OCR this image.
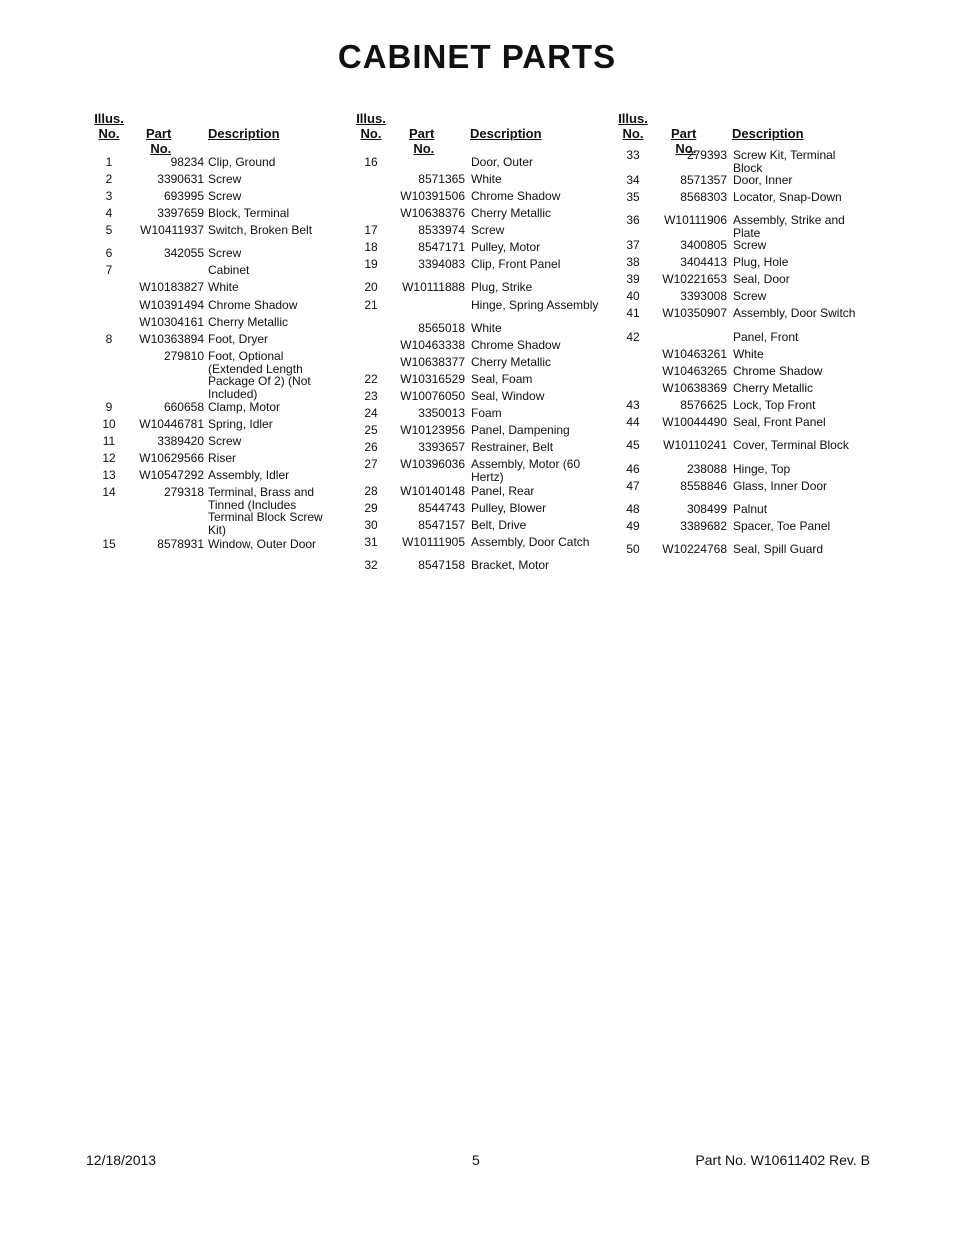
CABINET PARTS
Illus.
No.	Part No.
Description
1	98234 Clip, Ground
2	3390631 Screw
3	693995 Screw
4	3397659 Block, Terminal
5	W10411937 Switch, Broken Belt
6	342055 Screw
7	Cabinet
W10183827 White
W10391494 Chrome Shadow
W10304161 Cherry Metallic
8	W10363894 Foot, Dryer
279810 Foot, Optional (Extended Length Package Of 2) (Not Included)
9	660658 Clamp, Motor
10	W10446781 Spring, Idler
11	3389420 Screw
12	W10629566 Riser
13	W10547292 Assembly, Idler
14	279318 Terminal, Brass and Tinned (Includes Terminal Block Screw Kit)
15	8578931 Window, Outer Door
Illus.
No.	Part No.
Description
16	Door, Outer
8571365 White
W10391506 Chrome Shadow
W10638376 Cherry Metallic
17	8533974 Screw
18	8547171 Pulley, Motor
19	3394083 Clip, Front Panel
20	W10111888 Plug, Strike
21	Hinge, Spring Assembly
8565018 White
W10463338 Chrome Shadow
W10638377 Cherry Metallic
22	W10316529 Seal, Foam
23	W10076050 Seal, Window
24	3350013 Foam
25	W10123956 Panel, Dampening
26	3393657 Restrainer, Belt
27	W10396036 Assembly, Motor (60 Hertz)
28	W10140148 Panel, Rear
29	8544743 Pulley, Blower
30	8547157 Belt, Drive
31	W10111905 Assembly, Door Catch
32	8547158 Bracket, Motor
Illus.
No.	Part No.
Description
33	279393 Screw Kit, Terminal Block
34	8571357 Door, Inner
35	8568303 Locator, Snap-Down
36	W10111906 Assembly, Strike and Plate
37	3400805 Screw
38	3404413 Plug, Hole
39	W10221653 Seal, Door
40	3393008 Screw
41	W10350907 Assembly, Door Switch
42	Panel, Front
W10463261 White
W10463265 Chrome Shadow
W10638369 Cherry Metallic
43	8576625 Lock, Top Front
44	W10044490 Seal, Front Panel
45	W10110241 Cover, Terminal Block
46	238088 Hinge, Top
47	8558846 Glass, Inner Door
48	308499 Palnut
49	3389682 Spacer, Toe Panel
50	W10224768 Seal, Spill Guard
12/18/2013	5	Part No. W10611402 Rev. B
